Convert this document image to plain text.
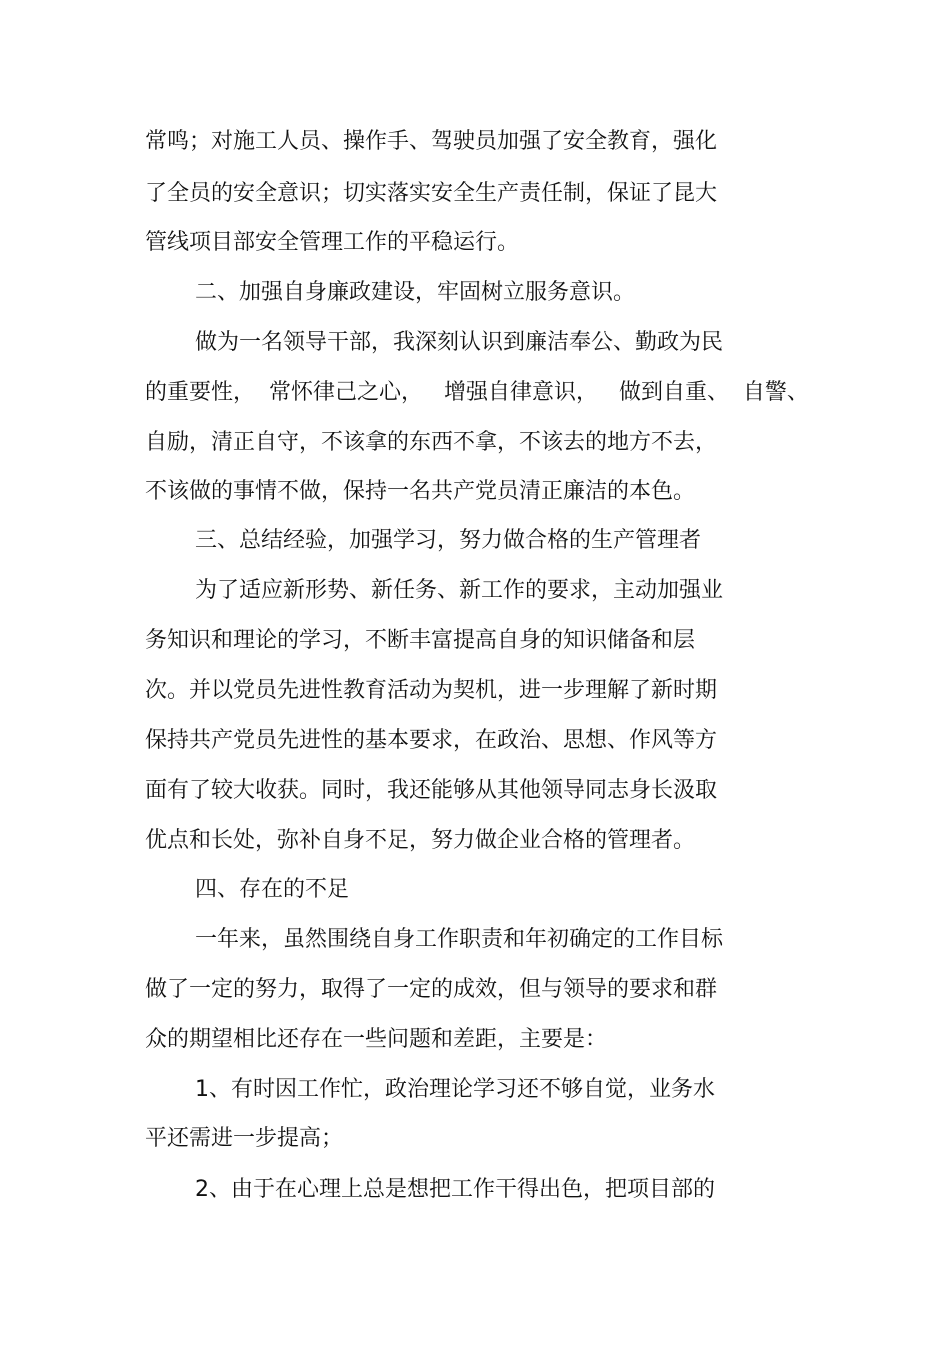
常鸣；对施工人员、操作手、驾驶员加强了安全教育，强化
了全员的安全意识；切实落实安全生产责任制，保证了昆大
管线项目部安全管理工作的平稳运行。
二、加强自身廉政建设，牢固树立服务意识。
做为一名领导干部，我深刻认识到廉洁奉公、勤政为民
的重要性，  常怀律己之心，   增强自律意识，   做到自重、  自警、
自励，清正自守，不该拿的东西不拿，不该去的地方不去，
不该做的事情不做，保持一名共产党员清正廉洁的本色。
三、总结经验，加强学习，努力做合格的生产管理者
为了适应新形势、新任务、新工作的要求，主动加强业
务知识和理论的学习，不断丰富提高自身的知识储备和层
次。并以党员先进性教育活动为契机，进一步理解了新时期
保持共产党员先进性的基本要求，在政治、思想、作风等方
面有了较大收获。同时，我还能够从其他领导同志身长汲取
优点和长处，弥补自身不足，努力做企业合格的管理者。
四、存在的不足
一年来，虽然围绕自身工作职责和年初确定的工作目标
做了一定的努力，取得了一定的成效，但与领导的要求和群
众的期望相比还存在一些问题和差距，主要是：
1、有时因工作忙，政治理论学习还不够自觉，业务水
平还需进一步提高；
2、由于在心理上总是想把工作干得出色，把项目部的
